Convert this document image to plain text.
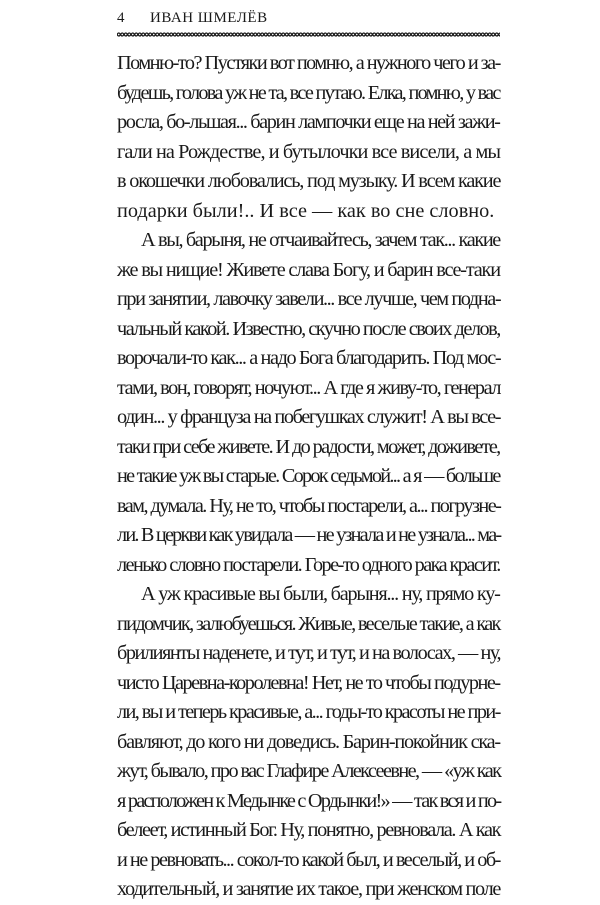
4 ИВАН ШМЕЛЁВ
Помню-то? Пустяки вот помню, а нужного чего и за-
будешь, голова уж не та, все путаю. Елка, помню, у вас
росла, бо-льшая... барин лампочки еще на ней зажи-
гали на Рождестве, и бутылочки все висели, а мы
в окошечки любовались, под музыку. И всем какие
подарки были!.. И все — как во сне словно.
А вы, барыня, не отчаивайтесь, зачем так... какие
же вы нищие! Живете слава Богу, и барин все-таки
при занятии, лавочку завели... все лучше, чем подна-
чальный какой. Известно, скучно после своих делов,
ворочали-то как... а надо Бога благодарить. Под мос-
тами, вон, говорят, ночуют... А где я живу-то, генерал
один... у француза на побегушках служит! А вы все-
таки при себе живете. И до радости, может, доживете,
не такие уж вы старые. Сорок седьмой... а я — больше
вам, думала. Ну, не то, чтобы постарели, а... погрузне-
ли. В церкви как увидала — не узнала и не узнала... ма-
ленько словно постарели. Горе-то одного рака красит.
А уж красивые вы были, барыня... ну, прямо ку-
пидомчик, залюбуешься. Живые, веселые такие, а как
брилиянты наденете, и тут, и тут, и на волосах, — ну,
чисто Царевна-королевна! Нет, не то чтобы подурне-
ли, вы и теперь красивые, а... годы-то красоты не при-
бавляют, до кого ни доведись. Барин-покойник ска-
жут, бывало, про вас Глафире Алексеевне, — «уж как
я расположен к Медынке с Ордынки!» — так вся и по-
белеет, истинный Бог. Ну, понятно, ревновала. А как
и не ревновать... сокол-то какой был, и веселый, и об-
ходительный, и занятие их такое, при женском поле
